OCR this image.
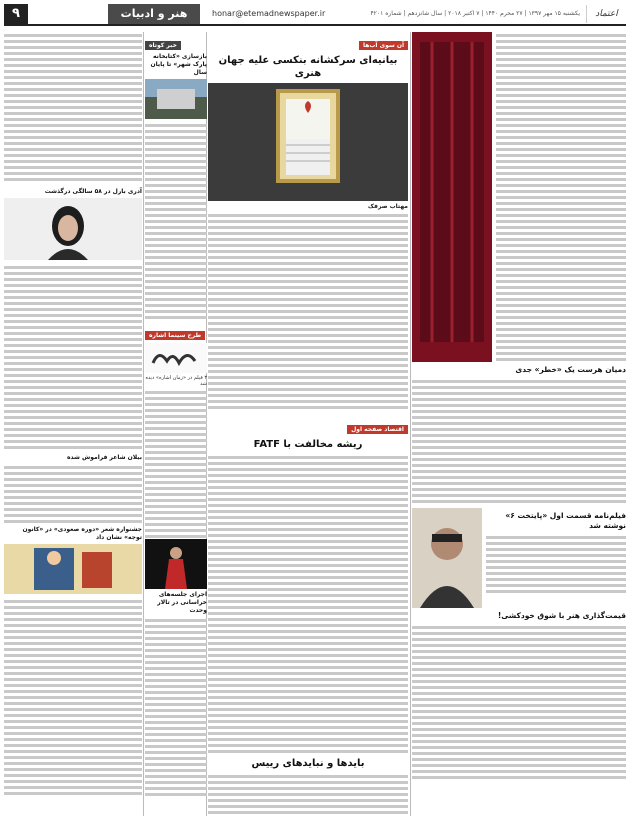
۹	هنر و ادبیات	honar@etemadnewspaper.ir	یکشنبه ۱۵ مهر ۱۳۹۷ | ۲۷ محرم ۱۴۴۰ | ۷ اکتبر ۲۰۱۸ | سال شانزدهم | شماره ۴۲۰۱	اعتماد
آدری بارل در ۵۸ سالگی درگذشت
بیلان شاعر فراموش شده
جشنواره شعر «دوره صعودی» در «کانون توجه» نشان داد
خبر کوتاه
بازسازی «کتابخانه پارک شهر» تا پایان سال
طرح سینما اشاره
۳ فیلم در «زمان اشاره» دیده شد
اجرای جلسه‌های خراسانی در تالار وحدت
آن سوی آب‌ها
بیانیه‌ای سرکشانه بنکسی علیه جهان هنری
مهتاب صرفک
اقتصاد صفحه اول
ریشه مخالفت با FATF
بایدها و نبایدهای رییس
دمیان هرست یک «خطر» جدی
فیلم‌نامه قسمت اول «پایتخت ۶» نوشته شد
قیمت‌گذاری هنر با شوق خودکشی!
